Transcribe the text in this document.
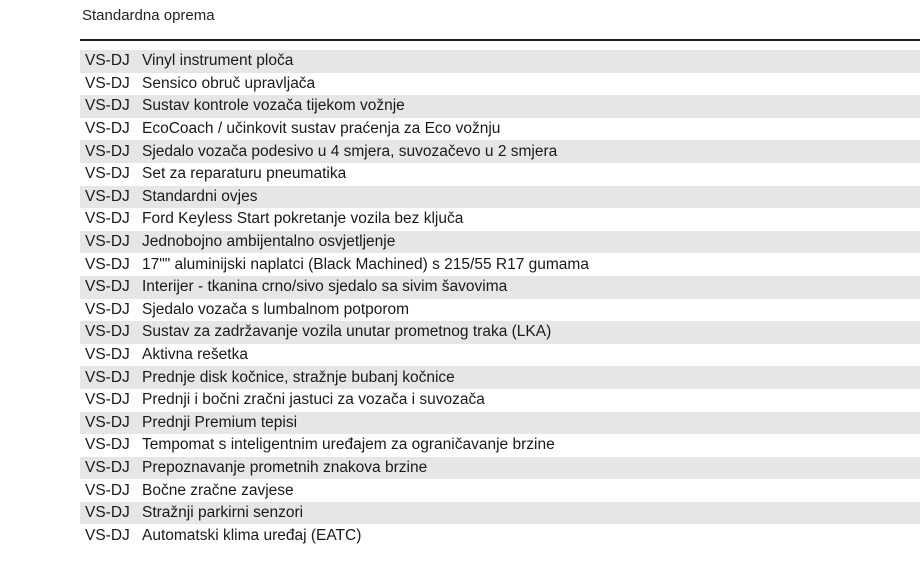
Standardna oprema
VS-DJ Vinyl instrument ploča
VS-DJ Sensico obruč upravljača
VS-DJ Sustav kontrole vozača tijekom vožnje
VS-DJ EcoCoach / učinkovit sustav praćenja za Eco vožnju
VS-DJ Sjedalo vozača podesivo u 4 smjera, suvozačevo u 2 smjera
VS-DJ Set za reparaturu pneumatika
VS-DJ Standardni ovjes
VS-DJ Ford Keyless Start pokretanje vozila bez ključa
VS-DJ Jednobojno ambijentalno osvjetljenje
VS-DJ 17"" aluminijski naplatci (Black Machined) s 215/55 R17 gumama
VS-DJ Interijer - tkanina crno/sivo sjedalo sa sivim šavovima
VS-DJ Sjedalo vozača s lumbalnom potporom
VS-DJ Sustav za zadržavanje vozila unutar prometnog traka (LKA)
VS-DJ Aktivna rešetka
VS-DJ Prednje disk kočnice, stražnje bubanj kočnice
VS-DJ Prednji i bočni zračni jastuci za vozača i suvozača
VS-DJ Prednji Premium tepisi
VS-DJ Tempomat s inteligentnim uređajem za ograničavanje brzine
VS-DJ Prepoznavanje prometnih znakova brzine
VS-DJ Bočne zračne zavjese
VS-DJ Stražnji parkirni senzori
VS-DJ Automatski klima uređaj (EATC)
